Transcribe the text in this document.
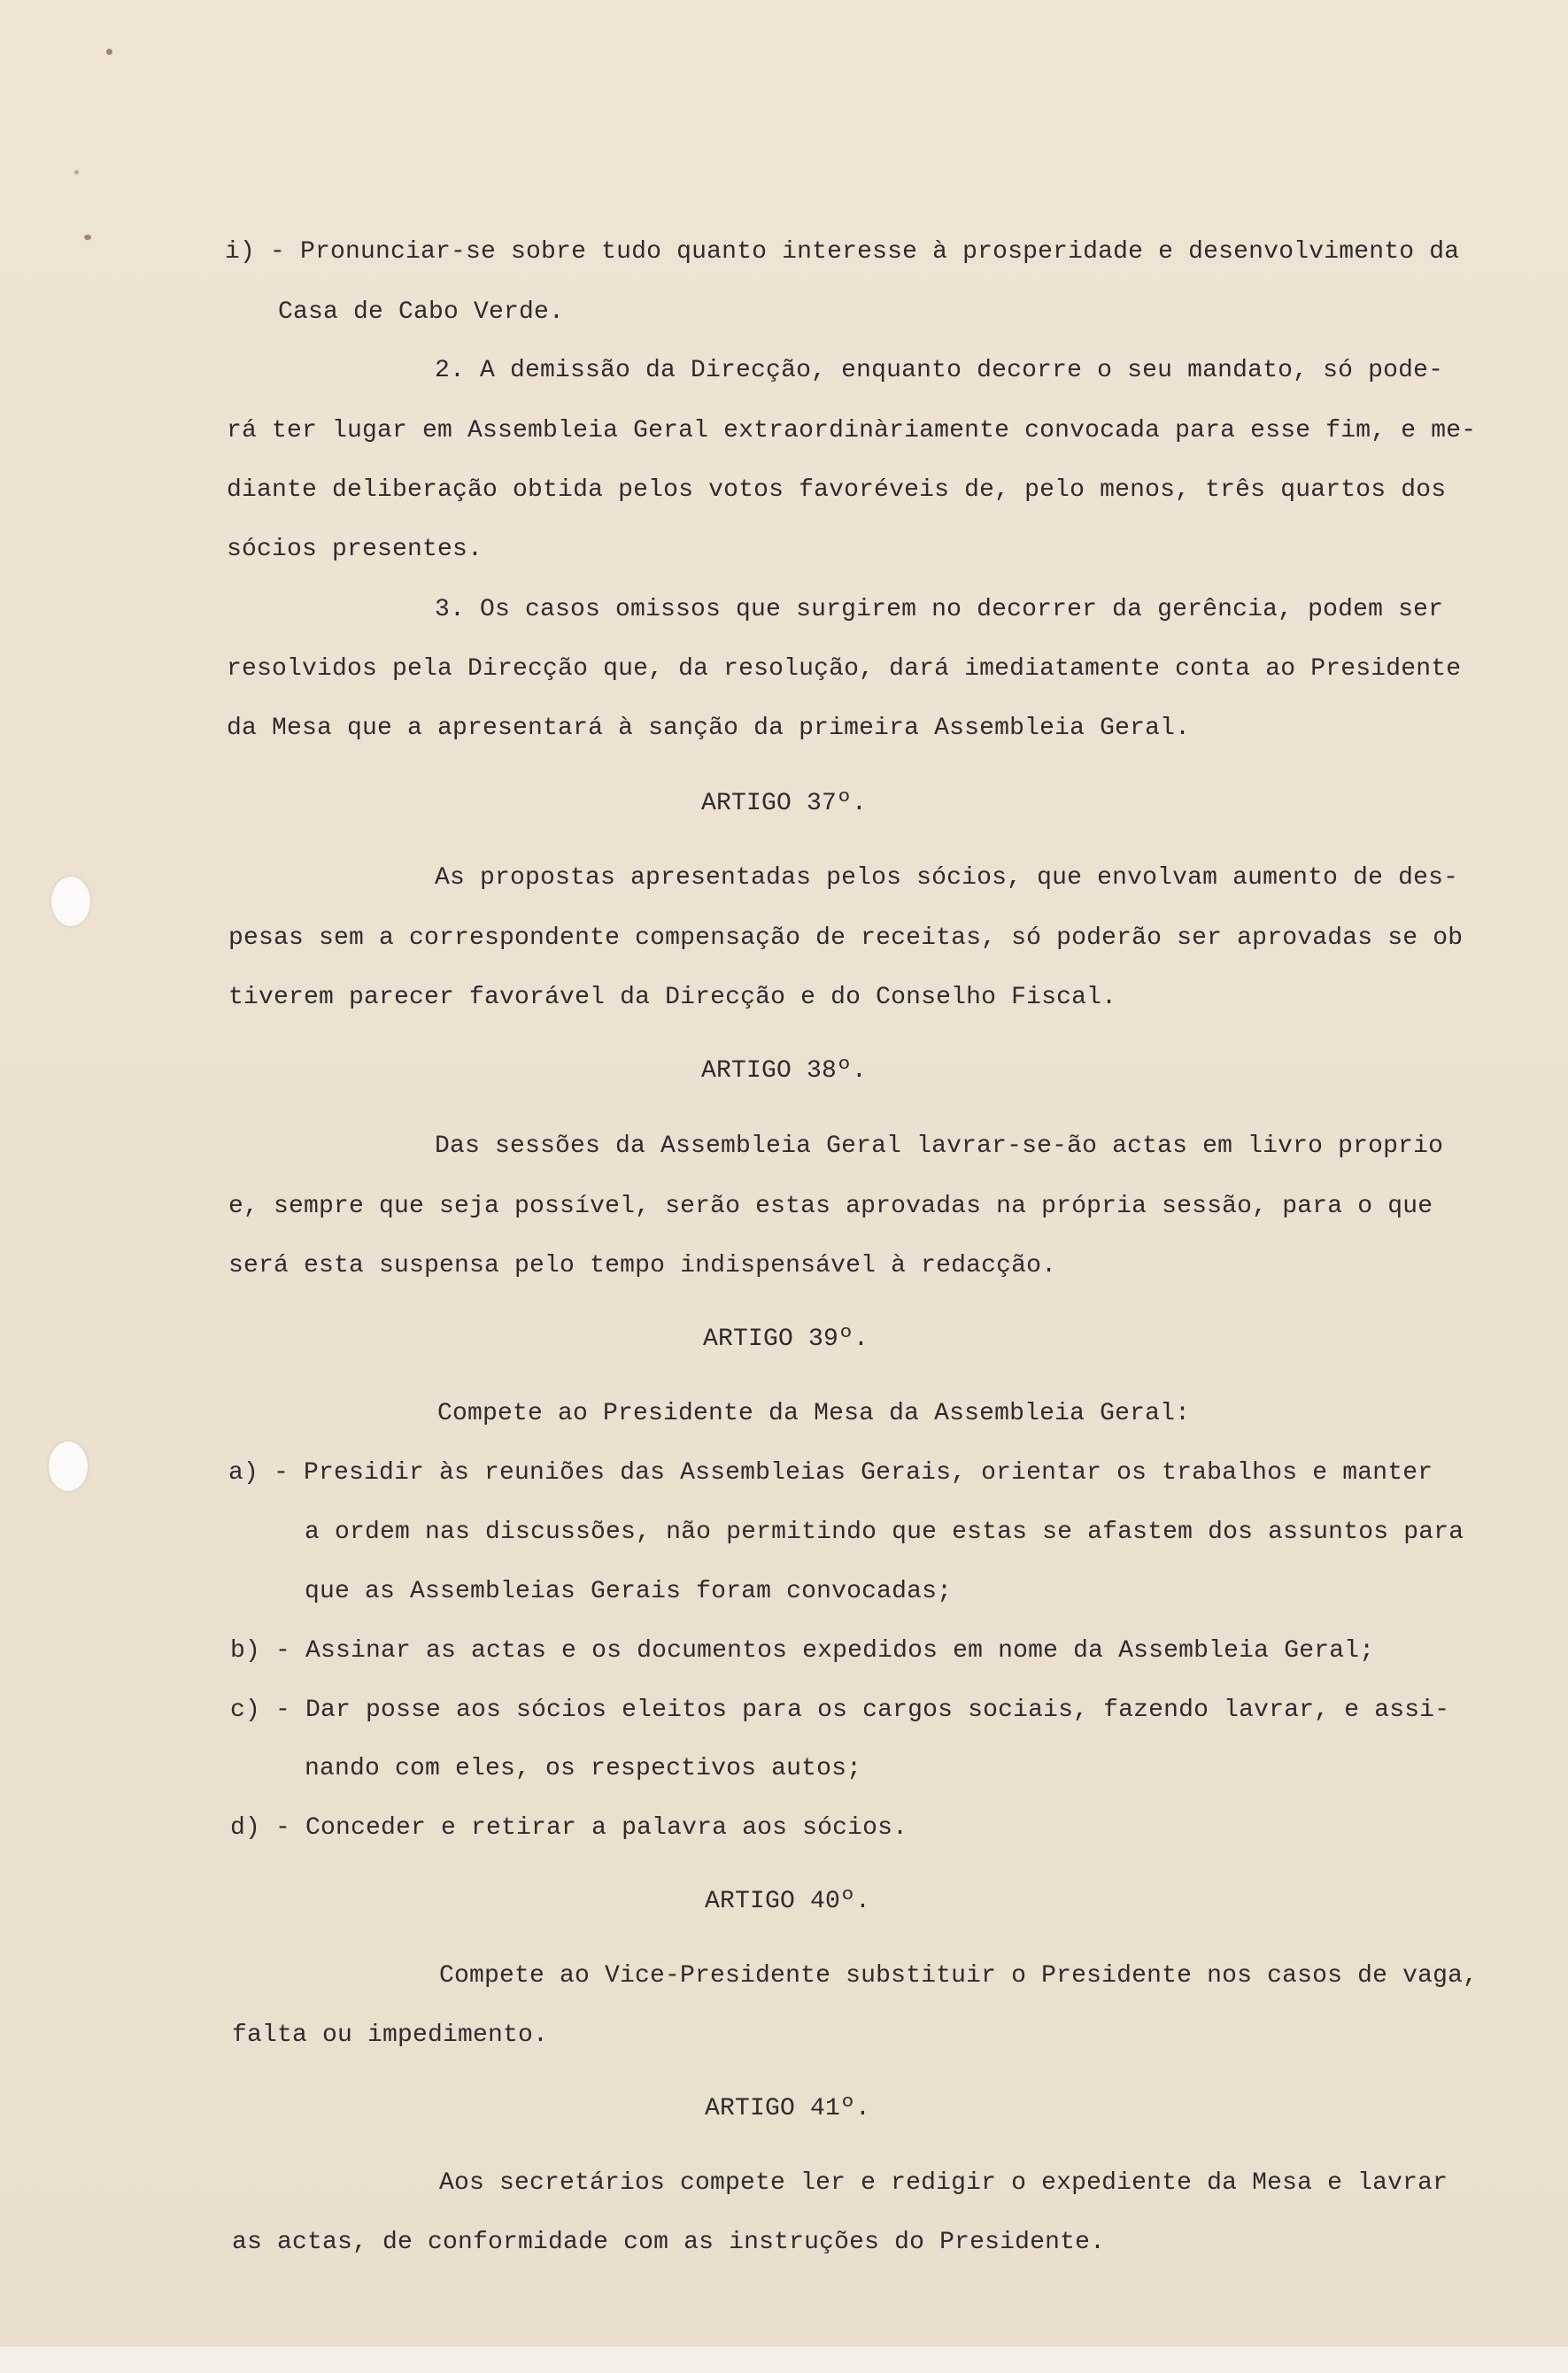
i) - Pronunciar-se sobre tudo quanto interesse à prosperidade e desenvolvimento da
Casa de Cabo Verde.
2. A demissão da Direcção, enquanto decorre o seu mandato, só pode-
rá ter lugar em Assembleia Geral extraordinàriamente convocada para esse fim, e me-
diante deliberação obtida pelos votos favoréveis de, pelo menos, três quartos dos
sócios presentes.
3. Os casos omissos que surgirem no decorrer da gerência, podem ser
resolvidos pela Direcção que, da resolução, dará imediatamente conta ao Presidente
da Mesa que a apresentará à sanção da primeira Assembleia Geral.
ARTIGO 37º.
As propostas apresentadas pelos sócios, que envolvam aumento de des-
pesas sem a correspondente compensação de receitas, só poderão ser aprovadas se ob
tiverem parecer favorável da Direcção e do Conselho Fiscal.
ARTIGO 38º.
Das sessões da Assembleia Geral lavrar-se-ão actas em livro proprio
e, sempre que seja possível, serão estas aprovadas na própria sessão, para o que
será esta suspensa pelo tempo indispensável à redacção.
ARTIGO 39º.
Compete ao Presidente da Mesa da Assembleia Geral:
a) - Presidir às reuniões das Assembleias Gerais, orientar os trabalhos e manter
a ordem nas discussões, não permitindo que estas se afastem dos assuntos para
que as Assembleias Gerais foram convocadas;
b) - Assinar as actas e os documentos expedidos em nome da Assembleia Geral;
c) - Dar posse aos sócios eleitos para os cargos sociais, fazendo lavrar, e assi-
nando com eles, os respectivos autos;
d) - Conceder e retirar a palavra aos sócios.
ARTIGO 40º.
Compete ao Vice-Presidente substituir o Presidente nos casos de vaga,
falta ou impedimento.
ARTIGO 41º.
Aos secretários compete ler e redigir o expediente da Mesa e lavrar
as actas, de conformidade com as instruções do Presidente.
